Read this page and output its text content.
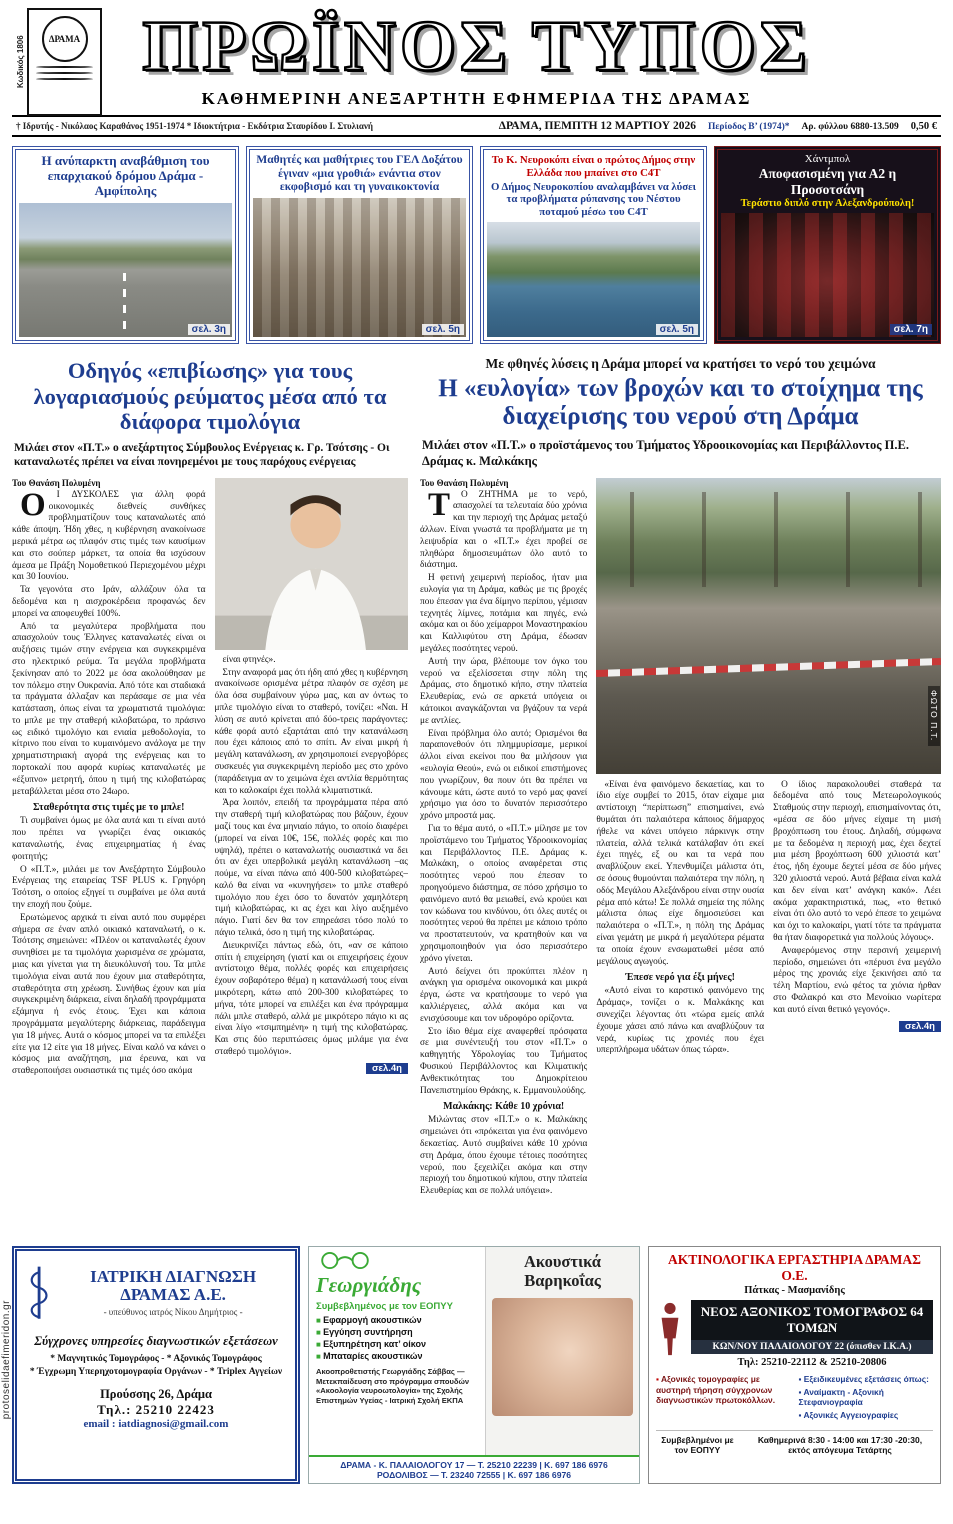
protoselidaefimeridon.gr
Κωδικός 1806	ΔΡΑΜΑ ΠΡΩΪΝΟΣ ΤΥΠΟΣ
ΚΑΘΗΜΕΡΙΝΗ ΑΝΕΞΑΡΤΗΤΗ ΕΦΗΜΕΡΙΔΑ ΤΗΣ ΔΡΑΜΑΣ
† Ιδρυτής - Νικόλαος Καραθάνος 1951-1974 * Ιδιοκτήτρια - Εκδότρια Σταυρίδου Ι. Στυλιανή	ΔΡΑΜΑ, ΠΕΜΠΤΗ 12 ΜΑΡΤΙΟΥ 2026 Περίοδος Β’ (1974)* Αρ. φύλλου 6880-13.509 0,50 €
Η ανύπαρκτη αναβάθμιση του επαρχιακού δρόμου Δράμα - Αμφίπολης
σελ. 3η
Μαθητές και μαθήτριες του ΓΕΛ Δοξάτου έγιναν «μια γροθιά» ενάντια στον εκφοβισμό και τη γυναικοκτονία
σελ. 5η
Το Κ. Νευροκόπι είναι ο πρώτος Δήμος στην Ελλάδα που μπαίνει στο C4T
Ο Δήμος Νευροκοπίου αναλαμβάνει να λύσει τα προβλήματα ρύπανσης του Νέστου ποταμού μέσω του C4T
σελ. 5η
Χάντμπολ
Αποφασισμένη για Α2 η Προσοτσάνη
Τεράστιο διπλό στην Αλεξανδρούπολη!
σελ. 7η
Οδηγός «επιβίωσης» για τους λογαριασμούς ρεύματος μέσα από τα διάφορα τιμολόγια

Μιλάει στον «Π.Τ.» ο ανεξάρτητος Σύμβουλος Ενέργειας κ. Γρ. Τσότσης - Οι καταναλωτές πρέπει να είναι πονηρεμένοι με τους παρόχους ενέργειας

Του Θανάση Πολυμένη

ΟΙ ΔΥΣΚΟΛΕΣ για άλλη φορά οικονομικές διεθνείς συνθήκες προβληματίζουν τους καταναλωτές από κάθε άποψη. Ήδη χθες, η κυβέρνηση ανακοίνωσε μερικά μέτρα ως πλαφόν στις τιμές των καυσίμων και στο σούπερ μάρκετ, τα οποία θα ισχύσουν άμεσα με Πράξη Νομοθετικού Περιεχομένου μέχρι και 30 Ιουνίου.

Τα γεγονότα στο Ιράν, αλλάζουν όλα τα δεδομένα και η αισχροκέρδεια προφανώς δεν μπορεί να αποφευχθεί 100%.

Από τα μεγαλύτερα προβλήματα που απασχολούν τους Έλληνες καταναλωτές είναι οι αυξήσεις τιμών στην ενέργεια και συγκεκριμένα στο ηλεκτρικό ρεύμα. Τα μεγάλα προβλήματα ξεκίνησαν από το 2022 με όσα ακολούθησαν με τον πόλεμο στην Ουκρανία. Από τότε και σταδιακά τα πράγματα άλλαξαν και περάσαμε σε μια νέα κατάσταση, όπως είναι τα χρωματιστά τιμολόγια: το μπλε με την σταθερή κιλοβατώρα, το πράσινο ως ειδικό τιμολόγιο και ενιαία μεθοδολογία, το κίτρινο που είναι το κυμαινόμενο ανάλογα με την χρηματιστηριακή αγορά της ενέργειας και το πορτοκαλί που αφορά κυρίως καταναλωτές με «έξυπνο» μετρητή, όπου η τιμή της κιλοβατώρας μεταβάλλεται μέσα στο 24ωρο.

Σταθερότητα στις τιμές με το μπλε!

Τι συμβαίνει όμως με όλα αυτά και τι είναι αυτό που πρέπει να γνωρίζει ένας οικιακός καταναλωτής, ένας επιχειρηματίας ή ένας φοιτητής;

Ο «Π.Τ.», μιλάει με τον Ανεξάρτητο Σύμβουλο Ενέργειας της εταιρείας TSF PLUS κ. Γρηγόρη Τσότση, ο οποίος εξηγεί τι συμβαίνει με όλα αυτά την εποχή που ζούμε.

Ερωτώμενος αρχικά τι είναι αυτό που συμφέρει σήμερα σε έναν απλό οικιακό καταναλωτή, ο κ. Τσότσης σημειώνει: «Πλέον οι καταναλωτές έχουν συνηθίσει με τα τιμολόγια χωρισμένα σε χρώματα, μιας και γίνεται για τη διευκόλυνσή του. Τα μπλε τιμολόγια είναι αυτά που έχουν μια σταθερότητα, σταθερότητα στη χρέωση. Συνήθως έχουν και μία συγκεκριμένη διάρκεια, είναι δηλαδή προγράμματα εξάμηνα ή ενός έτους. Έχει και κάποια προγράμματα μεγαλύτερης διάρκειας, παράδειγμα για 18 μήνες. Αυτά ο κόσμος μπορεί να τα επιλέξει είτε για 12 είτε για 18 μήνες. Είναι καλό να κάνει ο κόσμος μια αναζήτηση, μια έρευνα, και να σταθεροποιήσει ουσιαστικά τις τιμές όσο ακόμα

είναι φτηνές».

Στην αναφορά μας ότι ήδη από χθες η κυβέρνηση ανακοίνωσε ορισμένα μέτρα πλαφόν σε σχέση με όλα όσα συμβαίνουν γύρω μας, και αν όντως το μπλε τιμολόγιο είναι το σταθερό, τονίζει: «Ναι. Η λύση σε αυτό κρίνεται από δύο-τρεις παράγοντες: κάθε φορά αυτό εξαρτάται από την κατανάλωση που έχει κάποιος από το σπίτι. Αν είναι μικρή ή μεγάλη κατανάλωση, αν χρησιμοποιεί ενεργοβόρες συσκευές για συγκεκριμένη περίοδο μες στο χρόνο (παράδειγμα αν το χειμώνα έχει αντλία θερμότητας και το καλοκαίρι έχει πολλά κλιματιστικά.

Άρα λοιπόν, επειδή τα προγράμματα πέρα από την σταθερή τιμή κιλοβατώρας που βάζουν, έχουν μαζί τους και ένα μηνιαίο πάγιο, το οποίο διαφέρει (μπορεί να είναι 10€, 15€, πολλές φορές και πιο υψηλά), πρέπει ο καταναλωτής ουσιαστικά να δει ότι αν έχει υπερβολικά μεγάλη κατανάλωση –ας πούμε, να είναι πάνω από 400-500 κιλοβατώρες– καλό θα είναι να «κυνηγήσει» το μπλε σταθερό τιμολόγιο που έχει όσο το δυνατόν χαμηλότερη τιμή κιλοβατώρας, κι ας έχει και λίγο αυξημένο πάγιο. Γιατί δεν θα τον επηρεάσει τόσο πολύ το πάγιο τελικά, όσο η τιμή της κιλοβατώρας.

Διευκρινίζει πάντως εδώ, ότι, «αν σε κάποιο σπίτι ή επιχείρηση (γιατί και οι επιχειρήσεις έχουν αντίστοιχο θέμα, πολλές φορές και επιχειρήσεις έχουν σοβαρότερο θέμα) η κατανάλωσή τους είναι μικρότερη, κάτω από 200-300 κιλοβατώρες το μήνα, τότε μπορεί να επιλέξει και ένα πρόγραμμα πάλι μπλε σταθερό, αλλά με μικρότερο πάγιο κι ας είναι λίγο «τσιμπημένη» η τιμή της κιλοβατώρας. Και στις δύο περιπτώσεις όμως μιλάμε για ένα σταθερό τιμολόγιο».

σελ.4η
Με φθηνές λύσεις η Δράμα μπορεί να κρατήσει το νερό του χειμώνα
Η «ευλογία» των βροχών και το στοίχημα της διαχείρισης του νερού στη Δράμα

Μιλάει στον «Π.Τ.» ο προϊστάμενος του Τμήματος Υδροοικονομίας και Περιβάλλοντος Π.Ε. Δράμας κ. Μαλκάκης

Του Θανάση Πολυμένη

ΤΟ ΖΗΤΗΜΑ με το νερό, απασχολεί τα τελευταία δύο χρόνια και την περιοχή της Δράμας μεταξύ άλλων. Είναι γνωστά τα προβλήματα με τη λειψυδρία και ο «Π.Τ.» έχει προβεί σε πληθώρα δημοσιευμάτων όλο αυτό το διάστημα.

Η φετινή χειμερινή περίοδος, ήταν μια ευλογία για τη Δράμα, καθώς με τις βροχές που έπεσαν για ένα δίμηνο περίπου, γέμισαν τεχνητές λίμνες, ποτάμια και πηγές, ενώ ακόμα και οι δύο χείμαρροι Μοναστηρακίου και Καλλιφύτου στη Δράμα, έδωσαν μεγάλες ποσότητες νερού.

Αυτή την ώρα, βλέπουμε τον όγκο του νερού να εξελίσσεται στην πόλη της Δράμας, στο δημοτικό κήπο, στην πλατεία Ελευθερίας, ενώ σε αρκετά υπόγεια οι κάτοικοι αναγκάζονται να βγάζουν τα νερά με αντλίες.

Είναι πρόβλημα όλο αυτό; Ορισμένοι θα παραπονεθούν ότι πλημμυρίσαμε, μερικοί άλλοι είναι εκείνοι που θα μιλήσουν για «ευλογία Θεού», ενώ οι ειδικοί επιστήμονες που γνωρίζουν, θα πουν ότι θα πρέπει να κάνουμε κάτι, ώστε αυτό το νερό μας φανεί χρήσιμο για όσο το δυνατόν περισσότερο χρόνο μπροστά μας.

Για το θέμα αυτό, ο «Π.Τ.» μίλησε με τον προϊστάμενο του Τμήματος Υδροοικονομίας και Περιβάλλοντος Π.Ε. Δράμας κ. Μαλκάκη, ο οποίος αναφέρεται στις ποσότητες νερού που έπεσαν το προηγούμενο διάστημα, σε πόσο χρήσιμο το φαινόμενο αυτό θα μειωθεί, ενώ κρούει και τον κώδωνα του κινδύνου, ότι όλες αυτές οι ποσότητες νερού θα πρέπει με κάποιο τρόπο να προστατευτούν, να κρατηθούν και να χρησιμοποιηθούν για όσο περισσότερο χρόνο γίνεται.

Αυτό δείχνει ότι προκύπτει πλέον η ανάγκη για ορισμένα οικονομικά και μικρά έργα, ώστε να κρατήσουμε το νερό για καλλιέργειες, αλλά ακόμα και να ενισχύσουμε και τον υδροφόρο ορίζοντα.

Στο ίδιο θέμα είχε αναφερθεί πρόσφατα σε μια συνέντευξή του στον «Π.Τ.» ο καθηγητής Υδρολογίας του Τμήματος Φυσικού Περιβάλλοντος και Κλιματικής Ανθεκτικότητας του Δημοκρίτειου Πανεπιστημίου Θράκης, κ. Εμμανουλούδης.

Μαλκάκης: Κάθε 10 χρόνια!

Μιλώντας στον «Π.Τ.» ο κ. Μαλκάκης σημειώνει ότι «πρόκειται για ένα φαινόμενο δεκαετίας. Αυτό συμβαίνει κάθε 10 χρόνια στη Δράμα, όπου έχουμε τέτοιες ποσότητες νερού, που ξεχειλίζει ακόμα και στην περιοχή του δημοτικού κήπου, στην πλατεία Ελευθερίας και σε πολλά υπόγεια».

ΦΩΤΟ Π.Τ.

«Είναι ένα φαινόμενο δεκαετίας, και το ίδιο είχε συμβεί το 2015, όταν είχαμε μια αντίστοιχη “περίπτωση” επισημαίνει, ενώ θυμάται ότι παλαιότερα κάποιος δήμαρχος ήθελε να κάνει υπόγειο πάρκινγκ στην πλατεία, αλλά τελικά κατάλαβαν ότι εκεί έχει πηγές, εξ ου και τα νερά που αναβλύζουν εκεί. Υπενθυμίζει μάλιστα ότι, σε όσους θυμούνται παλαιότερα την πόλη, η οδός Μεγάλου Αλεξάνδρου είναι στην ουσία ρέμα από κάτω! Σε πολλά σημεία της πόλης μάλιστα όπως είχε δημοσιεύσει και παλαιότερα ο «Π.Τ.», η πόλη της Δράμας είναι γεμάτη με μικρά ή μεγαλύτερα ρέματα τα οποία έχουν ενσωματωθεί μέσα από μεγάλους αγωγούς.

Έπεσε νερό για έξι μήνες!

«Αυτό είναι το καρστικό φαινόμενο της Δράμας», τονίζει ο κ. Μαλκάκης και συνεχίζει λέγοντας ότι «τώρα εμείς απλά έχουμε χάσει από πάνω και αναβλύζουν τα νερά, κυρίως τις χρονιές που έχει υπερπλήρωμα υδάτων όπως τώρα».

Ο ίδιος παρακολουθεί σταθερά τα δεδομένα από τους Μετεωρολογικούς Σταθμούς στην περιοχή, επισημαίνοντας ότι, «μέσα σε δύο μήνες είχαμε τη μισή βροχόπτωση του έτους. Δηλαδή, σύμφωνα με τα δεδομένα η περιοχή μας, έχει δεχτεί μια μέση βροχόπτωση 600 χιλιοστά κατ’ έτος, ήδη έχουμε δεχτεί μέσα σε δύο μήνες 320 χιλιοστά νερού. Αυτά βέβαια είναι καλά και δεν είναι κατ’ ανάγκη κακό». Λέει ακόμα χαρακτηριστικά, πως, «το θετικό είναι ότι όλο αυτό το νερό έπεσε το χειμώνα και όχι το καλοκαίρι, γιατί τότε τα πράγματα θα ήταν διαφορετικά για πολλούς λόγους».

Αναφερόμενος στην περσινή χειμερινή περίοδο, σημειώνει ότι «πέρυσι ένα μεγάλο μέρος της χρονιάς είχε ξεκινήσει από τα τέλη Μαρτίου, ενώ φέτος τα χιόνια ήρθαν στο Φαλακρό και στο Μενοίκιο νωρίτερα και αυτό είναι θετικό γεγονός».

σελ.4η
ΙΑΤΡΙΚΗ ΔΙΑΓΝΩΣΗ ΔΡΑΜΑΣ Α.Ε.
- υπεύθυνος ιατρός Νίκου Δημήτριος -
Σύγχρονες υπηρεσίες διαγνωστικών εξετάσεων
* Μαγνητικός Τομογράφος - * Αξονικός Τομογράφος
* Έγχρωμη Υπερηχοτομογραφία Οργάνων - * Triplex Αγγείων
Προύσσης 26, Δράμα
Τηλ.: 25210 22423
email : iatdiagnosi@gmail.com
Γεωργιάδης
Συμβεβλημένος με τον ΕΟΠΥΥ
■ Εφαρμογή ακουστικών
■ Εγγύηση συντήρηση
■ Εξυπηρέτηση κατ’ οίκον
■ Μπαταρίες ακουστικών
Ακοοπροθετιστής Γεωργιάδης Σάββας — Μετεκπαίδευση στο πρόγραμμα σπουδών «Ακοολογία νευροωτολογία» της Σχολής Επιστημών Υγείας - Ιατρική Σχολή ΕΚΠΑ
Ακουστικά Βαρηκοΐας
ΔΡΑΜΑ - Κ. ΠΑΛΑΙΟΛΟΓΟΥ 17 — Τ. 25210 22239 | Κ. 697 186 6976
ΡΟΔΟΛΙΒΟΣ — Τ. 23240 72555 | Κ. 697 186 6976
ΑΚΤΙΝΟΛΟΓΙΚΑ ΕΡΓΑΣΤΗΡΙΑ ΔΡΑΜΑΣ Ο.Ε.
Πάτκας - Μασμανίδης
ΝΕΟΣ ΑΞΟΝΙΚΟΣ ΤΟΜΟΓΡΑΦΟΣ 64 ΤΟΜΩΝ
ΚΩΝ/ΝΟΥ ΠΑΛΑΙΟΛΟΓΟΥ 22 (όπισθεν Ι.Κ.Α.)
Τηλ: 25210-22112 & 25210-20806

▪ Αξονικές τομογραφίες με αυστηρή τήρηση σύγχρονων διαγνωστικών πρωτοκόλλων.

▪ Εξειδικευμένες εξετάσεις όπως:

▪ Αναίμακτη - Αξονική Στεφανιογραφία

▪ Αξονικές Αγγειογραφίες

Συμβεβλημένοι με τον ΕΟΠΥΥ
Καθημερινά 8:30 - 14:00 και 17:30 -20:30, εκτός απόγευμα Τετάρτης
